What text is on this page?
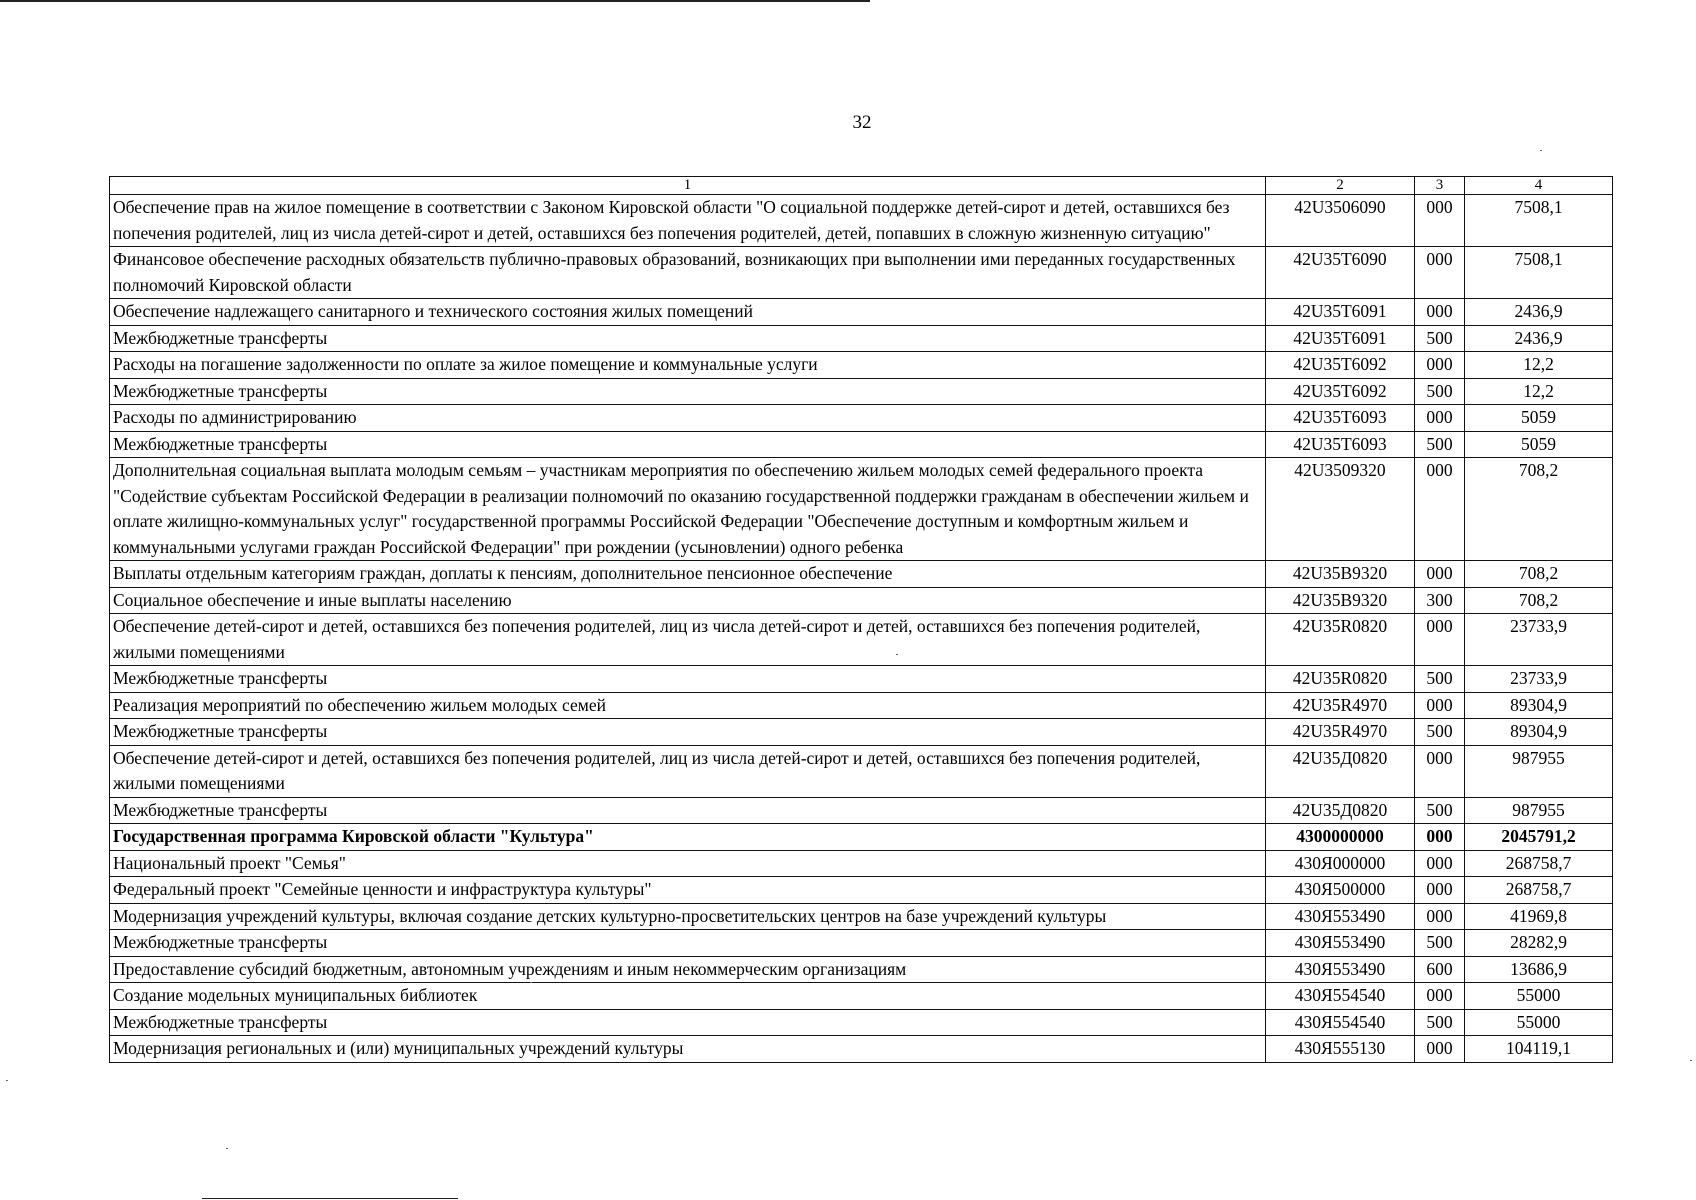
32
1	2	3	4
Обеспечение прав на жилое помещение в соответствии с Законом Кировской области "О социальной поддержке детей-сирот и детей, оставшихся без попечения родителей, лиц из числа детей-сирот и детей, оставшихся без попечения родителей, детей, попавших в сложную жизненную ситуацию"	42U3506090	000	7508,1
Финансовое обеспечение расходных обязательств публично-правовых образований, возникающих при выполнении ими переданных государственных полномочий Кировской области	42U35Т6090	000	7508,1
Обеспечение надлежащего санитарного и технического состояния жилых помещений	42U35Т6091	000	2436,9
Межбюджетные трансферты	42U35Т6091	500	2436,9
Расходы на погашение задолженности по оплате за жилое помещение и коммунальные услуги	42U35Т6092	000	12,2
Межбюджетные трансферты	42U35Т6092	500	12,2
Расходы по администрированию	42U35Т6093	000	5059
Межбюджетные трансферты	42U35Т6093	500	5059
Дополнительная социальная выплата молодым семьям – участникам мероприятия по обеспечению жильем молодых семей федерального проекта "Содействие субъектам Российской Федерации в реализации полномочий по оказанию государственной поддержки гражданам в обеспечении жильем и оплате жилищно-коммунальных услуг" государственной программы Российской Федерации "Обеспечение доступным и комфортным жильем и коммунальными услугами граждан Российской Федерации" при рождении (усыновлении) одного ребенка	42U3509320	000	708,2
Выплаты отдельным категориям граждан, доплаты к пенсиям, дополнительное пенсионное обеспечение	42U35В9320	000	708,2
Социальное обеспечение и иные выплаты населению	42U35В9320	300	708,2
Обеспечение детей-сирот и детей, оставшихся без попечения родителей, лиц из числа детей-сирот и детей, оставшихся без попечения родителей, жилыми помещениями	42U35R0820	000	23733,9
Межбюджетные трансферты	42U35R0820	500	23733,9
Реализация мероприятий по обеспечению жильем молодых семей	42U35R4970	000	89304,9
Межбюджетные трансферты	42U35R4970	500	89304,9
Обеспечение детей-сирот и детей, оставшихся без попечения родителей, лиц из числа детей-сирот и детей, оставшихся без попечения родителей, жилыми помещениями	42U35Д0820	000	987955
Межбюджетные трансферты	42U35Д0820	500	987955
Государственная программа Кировской области "Культура"	4300000000	000	2045791,2
Национальный проект "Семья"	430Я000000	000	268758,7
Федеральный проект "Семейные ценности и инфраструктура культуры"	430Я500000	000	268758,7
Модернизация учреждений культуры, включая создание детских культурно-просветительских центров на базе учреждений культуры	430Я553490	000	41969,8
Межбюджетные трансферты	430Я553490	500	28282,9
Предоставление субсидий бюджетным, автономным учреждениям и иным некоммерческим организациям	430Я553490	600	13686,9
Создание модельных муниципальных библиотек	430Я554540	000	55000
Межбюджетные трансферты	430Я554540	500	55000
Модернизация региональных и (или) муниципальных учреждений культуры	430Я555130	000	104119,1
